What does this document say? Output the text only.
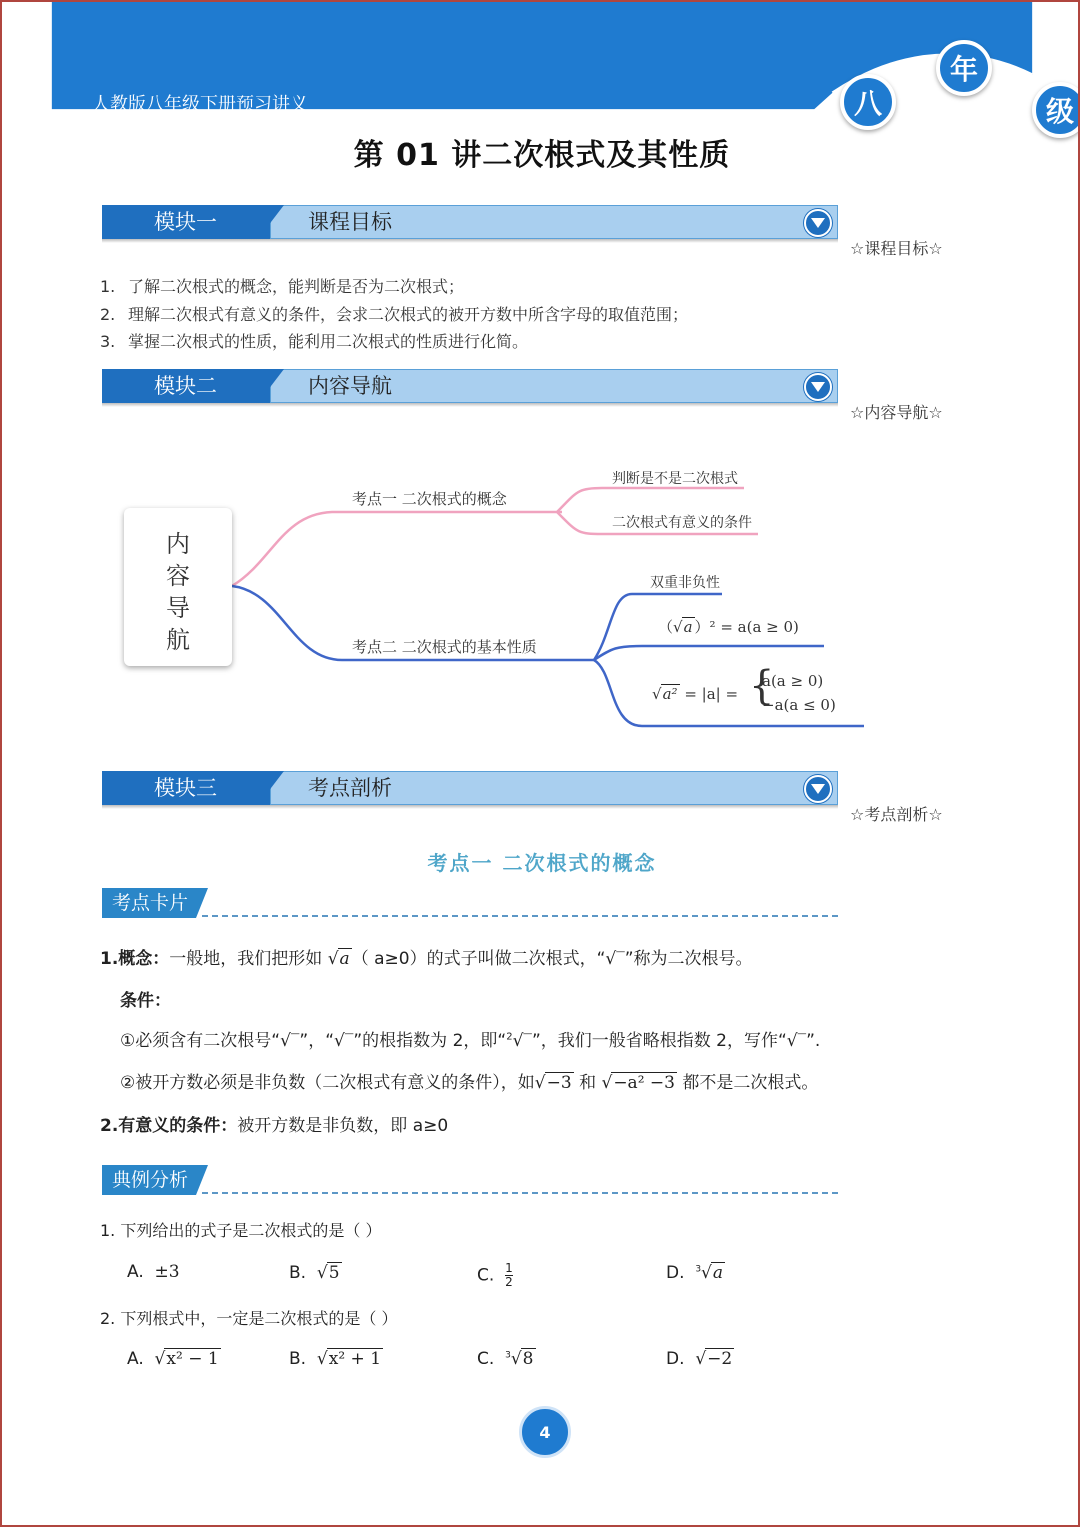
人教版八年级下册预习讲义	八
年
级
第 01 讲二次根式及其性质
课程目标
模块一
☆课程目标☆
1. 了解二次根式的概念，能判断是否为二次根式；
2. 理解二次根式有意义的条件，会求二次根式的被开方数中所含字母的取值范围；
3. 掌握二次根式的性质，能利用二次根式的性质进行化简。
内容导航
模块二
☆内容导航☆
内
容
导
航
考点一 二次根式的概念
判断是不是二次根式
二次根式有意义的条件
考点二 二次根式的基本性质
双重非负性
（√a ）² = a(a ≥ 0)
√a² = |a| = {
a(a ≥ 0)
−a(a ≤ 0)
考点剖析
模块三
☆考点剖析☆
考点一 二次根式的概念
考点卡片
1.概念：一般地，我们把形如 √a （ a≥0）的式子叫做二次根式，“√‾”称为二次根号。
条件：
①必须含有二次根号“√‾”，“√‾”的根指数为 2，即“$^2$√‾”，我们一般省略根指数 2，写作“√‾”.
②被开方数必须是非负数（二次根式有意义的条件），如√−3 和 √−a² −3 都不是二次根式。
2.有意义的条件：被开方数是非负数，即 a≥0
典例分析
1. 下列给出的式子是二次根式的是（ ）
A. ±3	B. √5	C. $\frac{1}{2}$	D. $^3$√a
2. 下列根式中，一定是二次根式的是（ ）
A. √x² − 1	B. √x² + 1	C. $^3$√8	D. √−2
4
